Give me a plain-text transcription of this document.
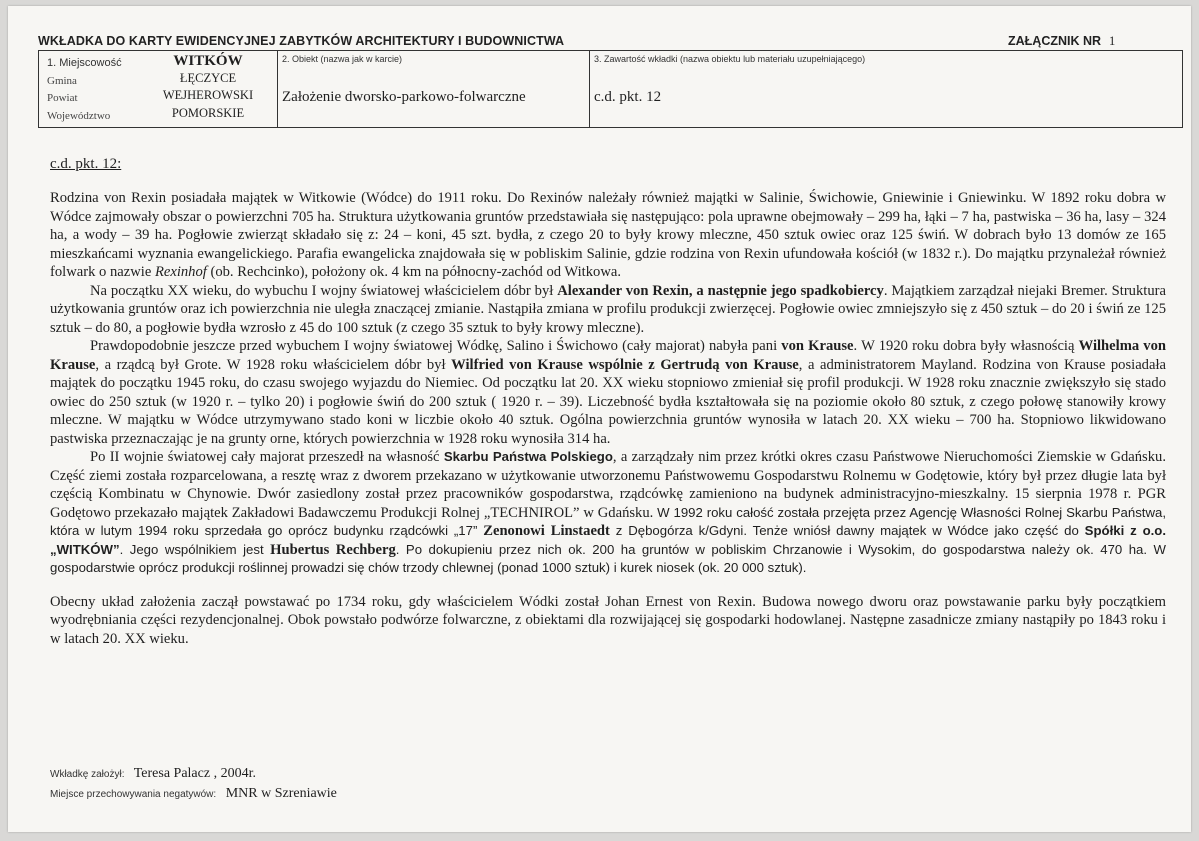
WKŁADKA DO KARTY EWIDENCYJNEJ ZABYTKÓW ARCHITEKTURY I BUDOWNICTWA	ZAŁĄCZNIK NR 1
1. Miejscowość	WITKÓW
Gmina	ŁĘCZYCE
Powiat	WEJHEROWSKI
Województwo	POMORSKIE
2. Obiekt (nazwa jak w karcie)
Założenie dworsko-parkowo-folwarczne
3. Zawartość wkładki (nazwa obiektu lub materiału uzupełniającego)
c.d. pkt. 12
c.d. pkt. 12:

Rodzina von Rexin posiadała majątek w Witkowie (Wódce) do 1911 roku. Do Rexinów należały również majątki w Salinie, Świchowie, Gniewinie i Gniewinku. W 1892 roku dobra w Wódce zajmowały obszar o powierzchni 705 ha. Struktura użytkowania gruntów przedstawiała się następująco: pola uprawne obejmowały – 299 ha, łąki – 7 ha, pastwiska – 36 ha, lasy – 324 ha, a wody – 39 ha. Pogłowie zwierząt składało się z: 24 – koni, 45 szt. bydła, z czego 20 to były krowy mleczne, 450 sztuk owiec oraz 125 świń. W dobrach było 13 domów ze 165 mieszkańcami wyznania ewangelickiego. Parafia ewangelicka znajdowała się w pobliskim Salinie, gdzie rodzina von Rexin ufundowała kościół (w 1832 r.). Do majątku przynależał również folwark o nazwie Rexinhof (ob. Rechcinko), położony ok. 4 km na północny-zachód od Witkowa.

Na początku XX wieku, do wybuchu I wojny światowej właścicielem dóbr był Alexander von Rexin, a następnie jego spadkobiercy. Majątkiem zarządzał niejaki Bremer. Struktura użytkowania gruntów oraz ich powierzchnia nie uległa znaczącej zmianie. Nastąpiła zmiana w profilu produkcji zwierzęcej. Pogłowie owiec zmniejszyło się z 450 sztuk – do 20 i świń ze 125 sztuk – do 80, a pogłowie bydła wzrosło z 45 do 100 sztuk (z czego 35 sztuk to były krowy mleczne).

Prawdopodobnie jeszcze przed wybuchem I wojny światowej Wódkę, Salino i Świchowo (cały majorat) nabyła pani von Krause. W 1920 roku dobra były własnością Wilhelma von Krause, a rządcą był Grote. W 1928 roku właścicielem dóbr był Wilfried von Krause wspólnie z Gertrudą von Krause, a administratorem Mayland. Rodzina von Krause posiadała majątek do początku 1945 roku, do czasu swojego wyjazdu do Niemiec. Od początku lat 20. XX wieku stopniowo zmieniał się profil produkcji. W 1928 roku znacznie zwiększyło się stado owiec do 250 sztuk (w 1920 r. – tylko 20) i pogłowie świń do 200 sztuk ( 1920 r. – 39). Liczebność bydła kształtowała się na poziomie około 80 sztuk, z czego połowę stanowiły krowy mleczne. W majątku w Wódce utrzymywano stado koni w liczbie około 40 sztuk. Ogólna powierzchnia gruntów wynosiła w latach 20. XX wieku – 700 ha. Stopniowo likwidowano pastwiska przeznaczając je na grunty orne, których powierzchnia w 1928 roku wynosiła 314 ha.

Po II wojnie światowej cały majorat przeszedł na własność Skarbu Państwa Polskiego, a zarządzały nim przez krótki okres czasu Państwowe Nieruchomości Ziemskie w Gdańsku. Część ziemi została rozparcelowana, a resztę wraz z dworem przekazano w użytkowanie utworzonemu Państwowemu Gospodarstwu Rolnemu w Godętowie, który był przez długie lata był częścią Kombinatu w Chynowie. Dwór zasiedlony został przez pracowników gospodarstwa, rządcówkę zamieniono na budynek administracyjno-mieszkalny. 15 sierpnia 1978 r. PGR Godętowo przekazało majątek Zakładowi Badawczemu Produkcji Rolnej „TECHNIROL” w Gdańsku. W 1992 roku całość została przejęta przez Agencję Własności Rolnej Skarbu Państwa, która w lutym 1994 roku sprzedała go oprócz budynku rządcówki „17” Zenonowi Linstaedt z Dębogórza k/Gdyni. Tenże wniósł dawny majątek w Wódce jako część do Spółki z o.o. „WITKÓW”. Jego wspólnikiem jest Hubertus Rechberg. Po dokupieniu przez nich ok. 200 ha gruntów w pobliskim Chrzanowie i Wysokim, do gospodarstwa należy ok. 470 ha. W gospodarstwie oprócz produkcji roślinnej prowadzi się chów trzody chlewnej (ponad 1000 sztuk) i kurek niosek (ok. 20 000 sztuk).

Obecny układ założenia zaczął powstawać po 1734 roku, gdy właścicielem Wódki został Johan Ernest von Rexin. Budowa nowego dworu oraz powstawanie parku były początkiem wyodrębniania części rezydencjonalnej. Obok powstało podwórze folwarczne, z obiektami dla rozwijającej się gospodarki hodowlanej. Następne zasadnicze zmiany nastąpiły po 1843 roku i w latach 20. XX wieku.

Wkładkę założył: Teresa Palacz , 2004r.
Miejsce przechowywania negatywów: MNR w Szreniawie
